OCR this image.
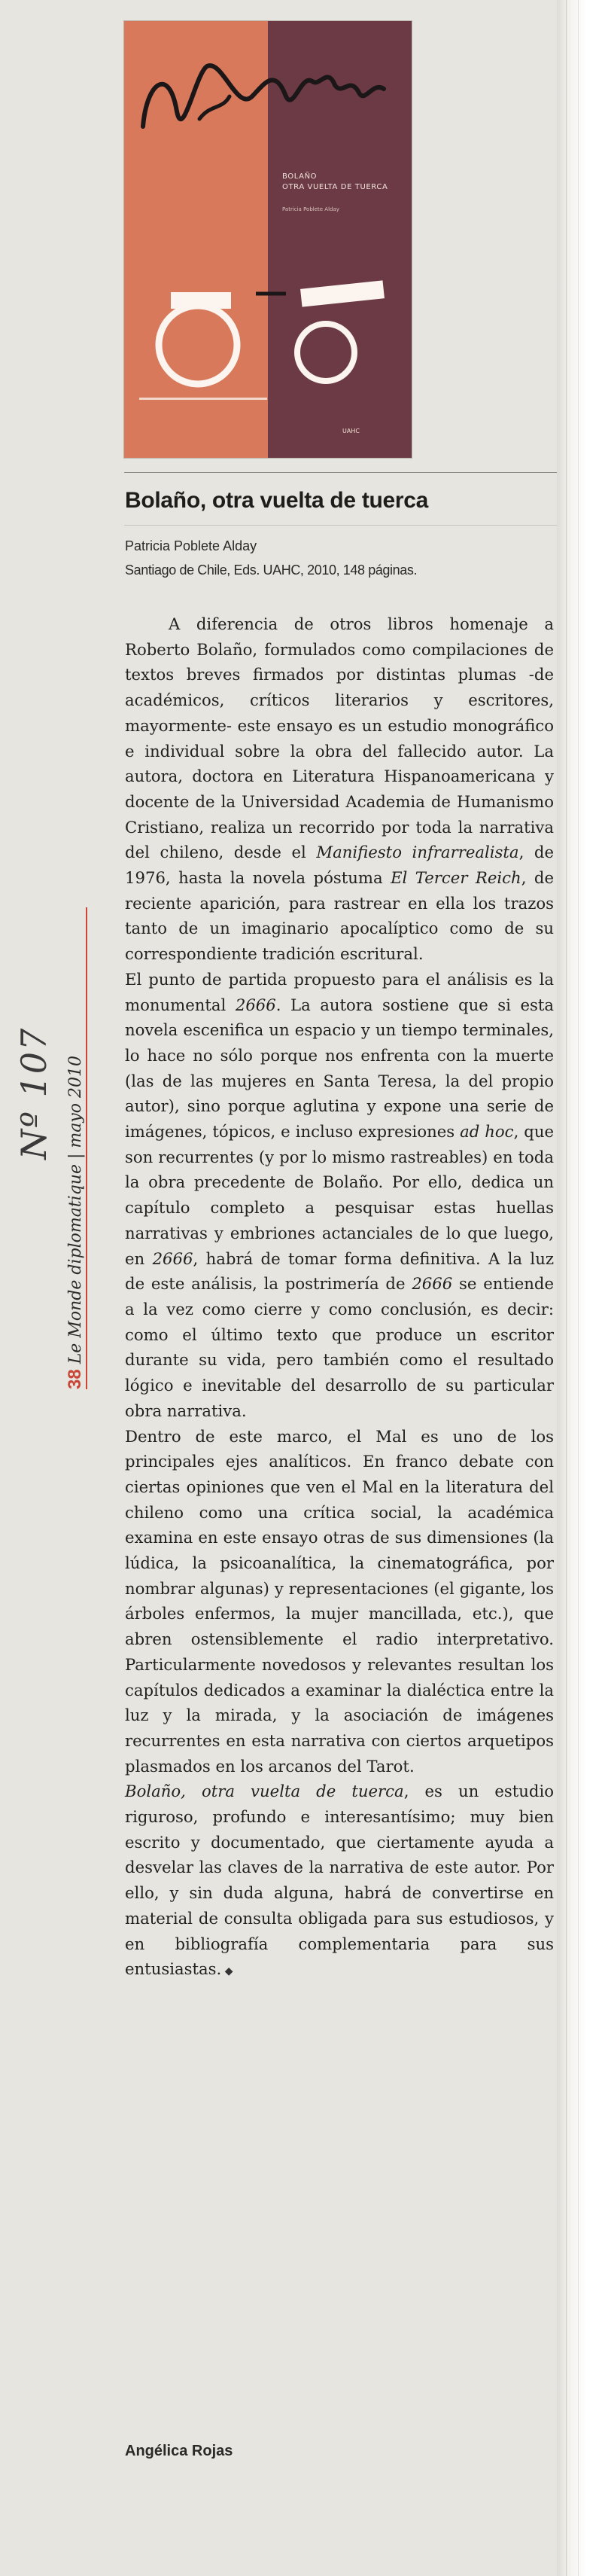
BOLAÑO
OTRA VUELTA DE TUERCA
Patricia Poblete Alday
UAHC
Bolaño, otra vuelta de tuerca
Patricia Poblete Alday
Santiago de Chile, Eds. UAHC, 2010, 148 páginas.

A diferencia de otros libros homenaje a Roberto Bolaño, formulados como compilaciones de textos breves firmados por distintas plumas -de académicos, críticos literarios y escritores, mayormente- este ensayo es un estudio monográfico e individual sobre la obra del fallecido autor. La autora, doctora en Literatura Hispanoamericana y docente de la Universidad Academia de Humanismo Cristiano, realiza un recorrido por toda la narrativa del chileno, desde el Manifiesto infrarrealista, de 1976, hasta la novela póstuma El Tercer Reich, de reciente aparición, para rastrear en ella los trazos tanto de un imaginario apocalíptico como de su correspondiente tradición escritural.

El punto de partida propuesto para el análisis es la monumental 2666. La autora sostiene que si esta novela escenifica un espacio y un tiempo terminales, lo hace no sólo porque nos enfrenta con la muerte (las de las mujeres en Santa Teresa, la del propio autor), sino porque aglutina y expone una serie de imágenes, tópicos, e incluso expresiones ad hoc, que son recurrentes (y por lo mismo rastreables) en toda la obra precedente de Bolaño. Por ello, dedica un capítulo completo a pesquisar estas huellas narrativas y embriones actanciales de lo que luego, en 2666, habrá de tomar forma definitiva. A la luz de este análisis, la postrimería de 2666 se entiende a la vez como cierre y como conclusión, es decir: como el último texto que produce un escritor durante su vida, pero también como el resultado lógico e inevitable del desarrollo de su particular obra narrativa.

Dentro de este marco, el Mal es uno de los principales ejes analíticos. En franco debate con ciertas opiniones que ven el Mal en la literatura del chileno como una crítica social, la académica examina en este ensayo otras de sus dimensiones (la lúdica, la psicoanalítica, la cinematográfica, por nombrar algunas) y representaciones (el gigante, los árboles enfermos, la mujer mancillada, etc.), que abren ostensiblemente el radio interpretativo. Particularmente novedosos y relevantes resultan los capítulos dedicados a examinar la dialéctica entre la luz y la mirada, y la asociación de imágenes recurrentes en esta narrativa con ciertos arquetipos plasmados en los arcanos del Tarot.

Bolaño, otra vuelta de tuerca, es un estudio riguroso, profundo e interesantísimo; muy bien escrito y documentado, que ciertamente ayuda a desvelar las claves de la narrativa de este autor. Por ello, y sin duda alguna, habrá de convertirse en material de consulta obligada para sus estudiosos, y en bibliografía complementaria para sus entusiastas. ◆

Angélica Rojas
38 Le Monde diplomatique | mayo 2010
Nº 107
